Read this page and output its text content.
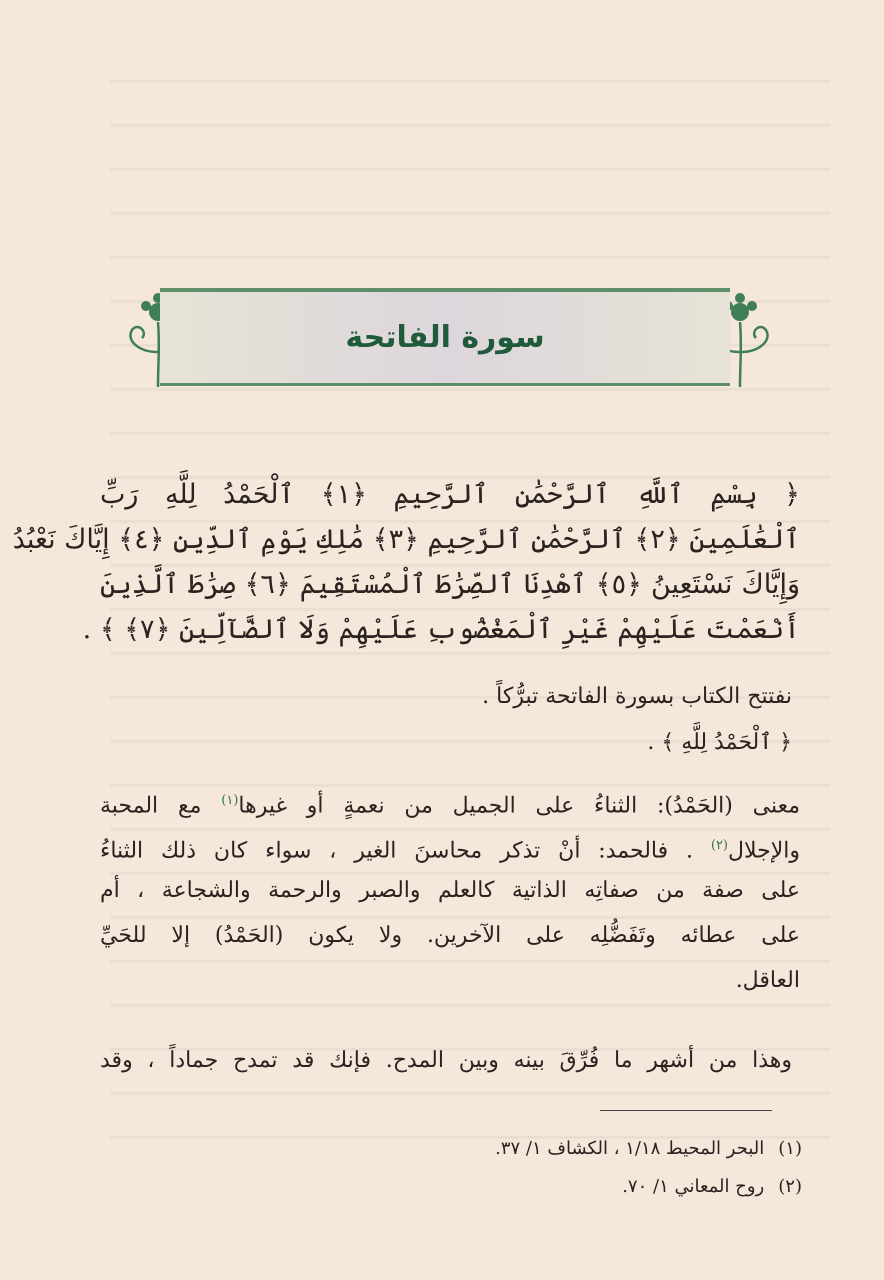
سورة الفاتحة
﴿ بِسْمِ ٱللَّهِ ٱلرَّحْمَٰنِ ٱلرَّحِيمِ ﴿١﴾ ٱلْحَمْدُ لِلَّهِ رَبِّ
ٱلْعَٰلَمِينَ ﴿٢﴾ ٱلرَّحْمَٰنِ ٱلرَّحِيمِ ﴿٣﴾ مَٰلِكِ يَوْمِ ٱلدِّينِ ﴿٤﴾ إِيَّاكَ نَعْبُدُ
وَإِيَّاكَ نَسْتَعِينُ ﴿٥﴾ ٱهْدِنَا ٱلصِّرَٰطَ ٱلْمُسْتَقِيمَ ﴿٦﴾ صِرَٰطَ ٱلَّذِينَ
أَنْعَمْتَ عَلَيْهِمْ غَيْرِ ٱلْمَغْضُوبِ عَلَيْهِمْ وَلَا ٱلضَّآلِّينَ ﴿٧﴾ ﴾ .
نفتتح الكتاب بسورة الفاتحة تبرُّكاً .
﴿ ٱلْحَمْدُ لِلَّهِ ﴾ .
معنى (الحَمْدُ): الثناءُ على الجميل من نعمةٍ أو غيرها$^{(١)}$ مع المحبة
والإجلال$^{(٢)}$ . فالحمد: أنْ تذكر محاسنَ الغير ، سواء كان ذلك الثناءُ
على صفة من صفاتِه الذاتية كالعلم والصبر والرحمة والشجاعة ، أم
على عطائه وتَفَضُّلِه على الآخرين. ولا يكون (الحَمْدُ) إلا للحَيِّ
العاقل.
وهذا من أشهر ما فُرِّقَ بينه وبين المدح. فإنك قد تمدح جماداً ، وقد
(١)البحر المحيط ١/١٨ ، الكشاف ١/ ٣٧.
(٢)روح المعاني ١/ ٧٠.
